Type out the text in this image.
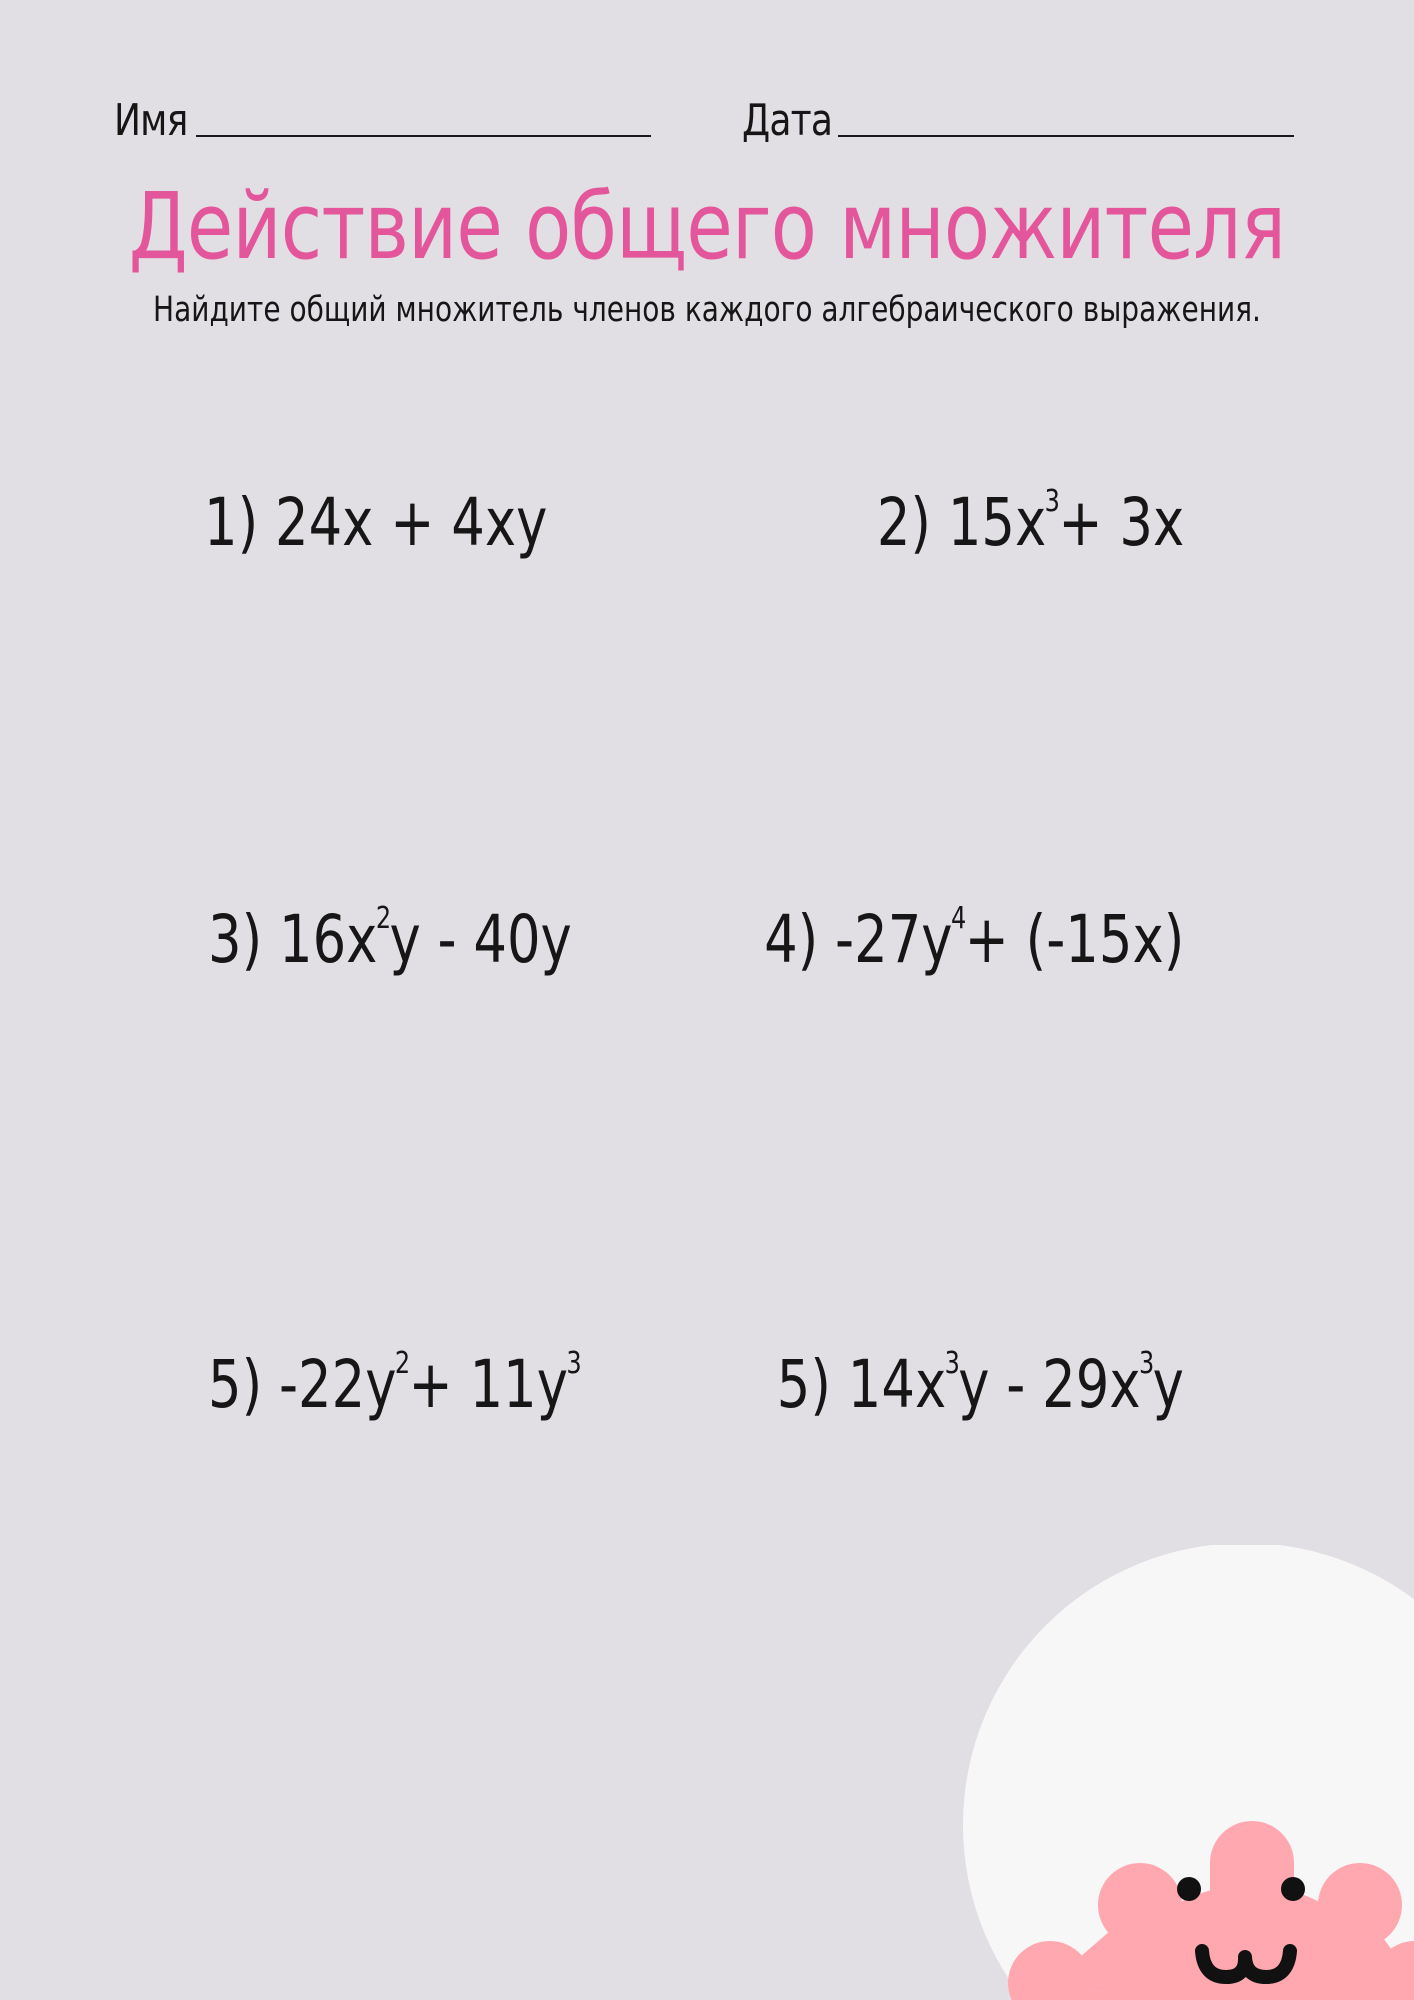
Имя	Дата
Действие общего множителя
Найдите общий множитель членов каждого алгебраического выражения.
1) 24x + 4xy	2) $15x^3+ 3x$
3) $16x^2y - 40y$	4) $-27y^4+ (-15x)$
5) $-22y^2+ 11y^3$	5) $14x^3y - 29x^3y$
